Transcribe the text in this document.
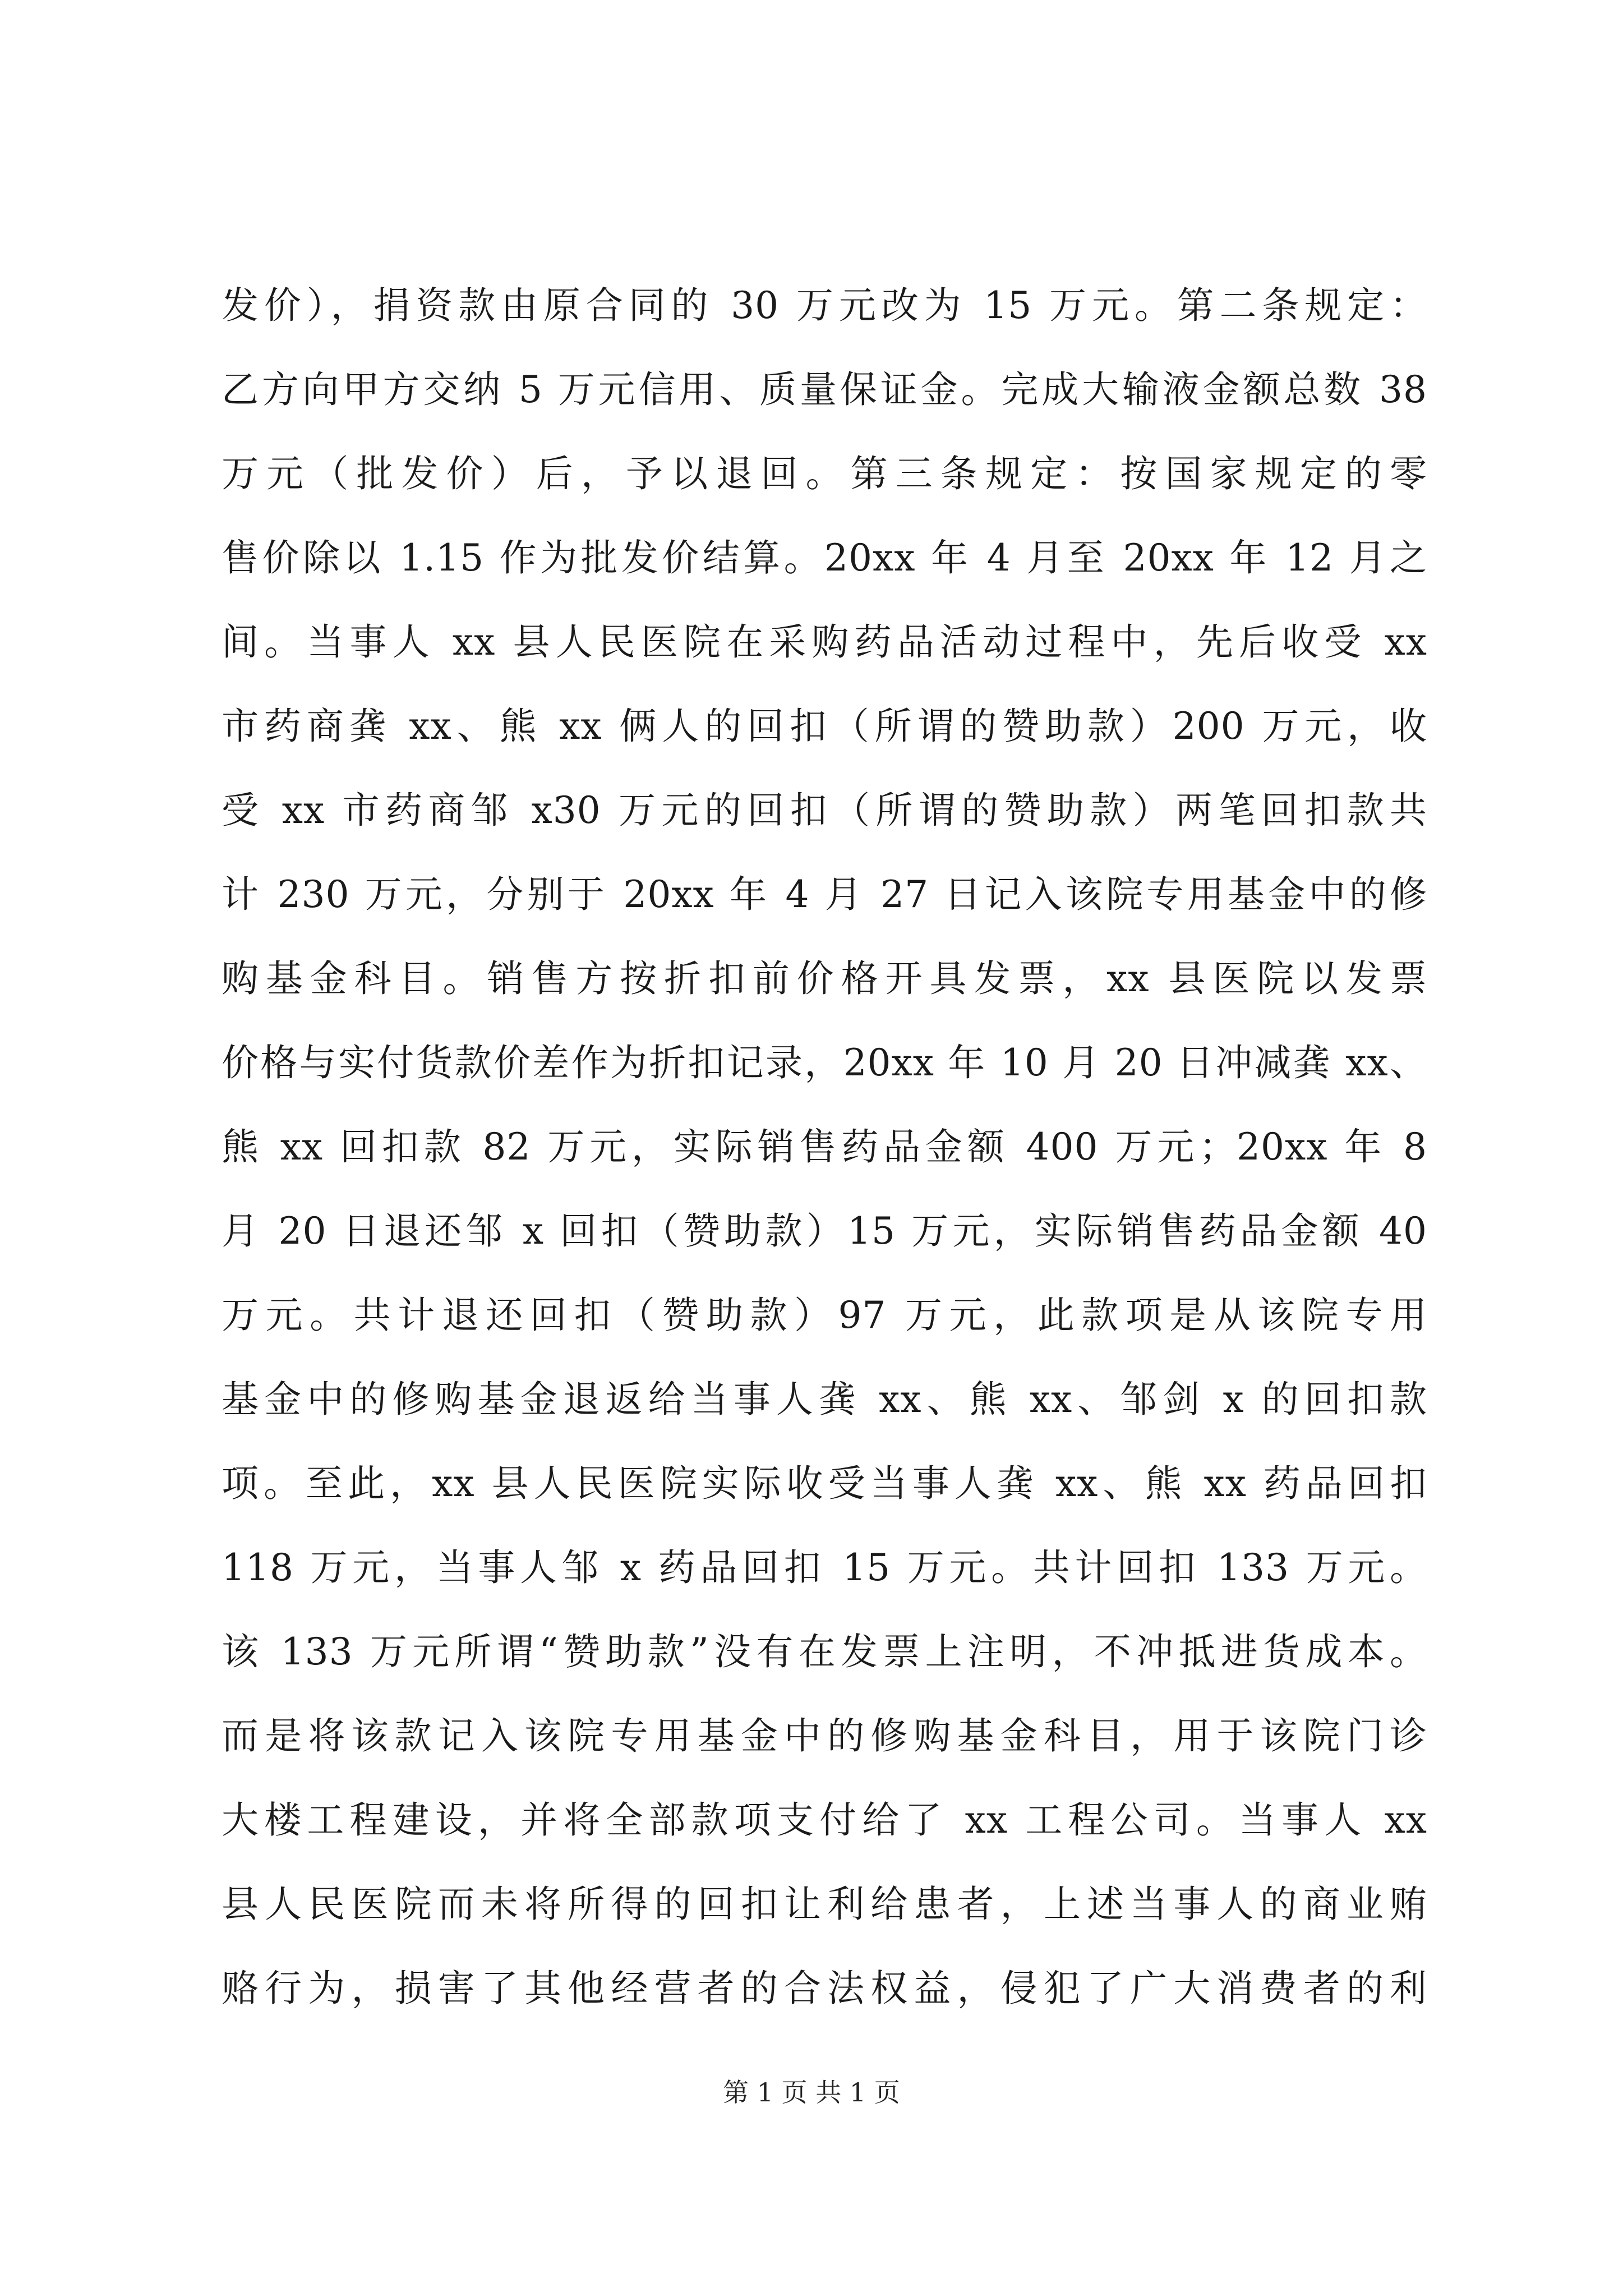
发价），捐资款由原合同的 30 万元改为 15 万元。第二条规定：
乙方向甲方交纳 5 万元信用、质量保证金。完成大输液金额总数 38
万元（批发价）后，予以退回。第三条规定：按国家规定的零
售价除以 1.15 作为批发价结算。20xx 年 4 月至 20xx 年 12 月之
间。当事人 xx 县人民医院在采购药品活动过程中，先后收受 xx
市药商龚 xx、熊 xx 俩人的回扣（所谓的赞助款）200 万元，收
受 xx 市药商邹 x30 万元的回扣（所谓的赞助款）两笔回扣款共
计 230 万元，分别于 20xx 年 4 月 27 日记入该院专用基金中的修
购基金科目。销售方按折扣前价格开具发票，xx 县医院以发票
价格与实付货款价差作为折扣记录，20xx 年 10 月 20 日冲减龚 xx、
熊 xx 回扣款 82 万元，实际销售药品金额 400 万元；20xx 年 8
月 20 日退还邹 x 回扣（赞助款）15 万元，实际销售药品金额 40
万元。共计退还回扣（赞助款）97 万元，此款项是从该院专用
基金中的修购基金退返给当事人龚 xx、熊 xx、邹剑 x 的回扣款
项。至此，xx 县人民医院实际收受当事人龚 xx、熊 xx 药品回扣
118 万元，当事人邹 x 药品回扣 15 万元。共计回扣 133 万元。
该 133 万元所谓“赞助款”没有在发票上注明，不冲抵进货成本。
而是将该款记入该院专用基金中的修购基金科目，用于该院门诊
大楼工程建设，并将全部款项支付给了 xx 工程公司。当事人 xx
县人民医院而未将所得的回扣让利给患者，上述当事人的商业贿
赂行为，损害了其他经营者的合法权益，侵犯了广大消费者的利
第 1 页 共 1 页
